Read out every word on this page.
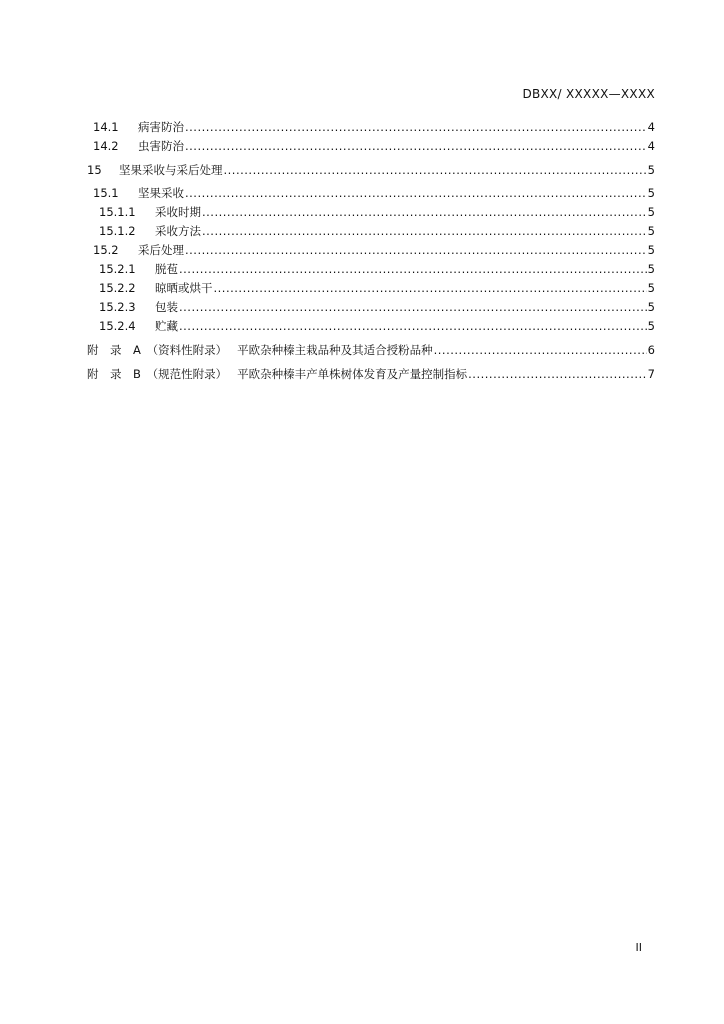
DBXX/ XXXXX—XXXX
14.1	病害防治 .....	4
14.2	虫害防治 .....	4
15	坚果采收与采后处理 .....	5
15.1	坚果采收 .....	5
15.1.1	采收时期 .....	5
15.1.2	采收方法 .....	5
15.2	采后处理 .....	5
15.2.1	脱苞 .....	5
15.2.2	晾晒或烘干 .....	5
15.2.3	包装 .....	5
15.2.4	贮藏 .....	5
附　录　A　（资料性附录） 平欧杂种榛主栽品种及其适合授粉品种 .....	6
附　录　B　（规范性附录） 平欧杂种榛丰产单株树体发育及产量控制指标 .....	7
II
